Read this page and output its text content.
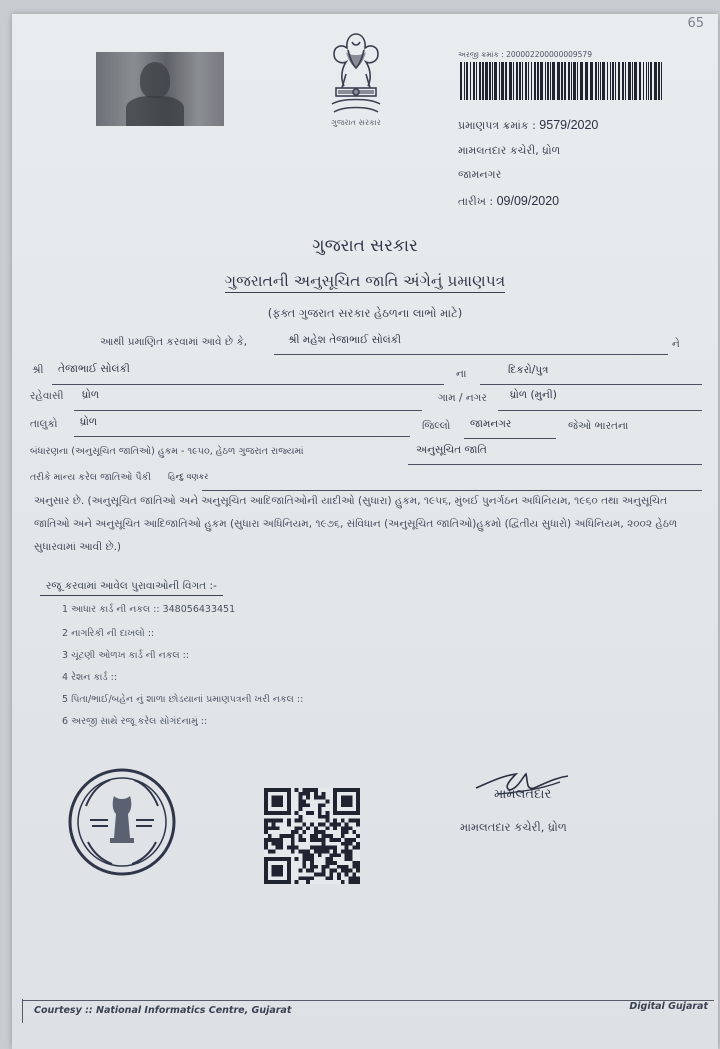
65
ગુજરાત સરકાર
અરજી ક્રમાંક : 200002200000009579
પ્રમાણપત્ર ક્રમાંક : 9579/2020
મામલતદાર કચેરી, ધ્રોળ
જામનગર
તારીખ : 09/09/2020
ગુજરાત સરકાર
ગુજરાતની અનુસૂચિત જાતિ અંગેનું પ્રમાણપત્ર
(ફક્ત ગુજરાત સરકાર હેઠળના લાભો માટે)
આથી પ્રમાણિત કરવામાં આવે છે કે,	શ્રી મહેશ તેજાભાઈ સોલંકી	ને
શ્રી તેજાભાઈ સોલંકી	ના	દિકરો/પુત્ર
રહેવાસી ધ્રોળ	ગામ / નગર ધ્રોળ (મુની)
તાલુકો ધ્રોળ	જિલ્લો જામનગર	જેઓ ભારતના
બંધારણના (અનુસૂચિત જાતિઓ) હુકમ - ૧૯૫૦, હેઠળ ગુજરાત રાજ્યમાં	અનુસૂચિત જાતિ
તરીકે માન્ય કરેલ જાતિઓ પૈકી હિન્દુ વણકર
અનુસાર છે. (અનુસૂચિત જાતિઓ અને અનુસૂચિત આદિજાતિઓની યાદીઓ (સુધારા) હુકમ, ૧૯૫૬, મુંબઈ પુનર્ગઠન અધિનિયમ, ૧૯૬૦ તથા અનુસૂચિત જાતિઓ અને અનુસૂચિત આદિજાતિઓ હુકમ (સુધારા અધિનિયમ, ૧૯૭૬, સંવિધાન (અનુસૂચિત જાતિઓ)હુકમો (દ્વિતીય સુધારો) અધિનિયમ, ૨૦૦૨ હેઠળ સુધારવામાં આવી છે.)
રજૂ કરવામાં આવેલ પુરાવાઓની વિગત :-
1 આધાર કાર્ડ ની નકલ :: 348056433451
2 નાગરિકી ની દાખલો ::
3 ચૂંટણી ઓળખ કાર્ડ ની નકલ ::
4 રેશન કાર્ડ ::
5 પિતા/ભાઈ/બહેન નું શાળા છોડયાનાં પ્રમાણપત્રની ખરી નકલ ::
6 અરજી સાથે રજૂ કરેલ સોગંદનામું ::
મામલતદાર
મામલતદાર કચેરી, ધ્રોળ
Courtesy :: National Informatics Centre, Gujarat	Digital Gujarat
